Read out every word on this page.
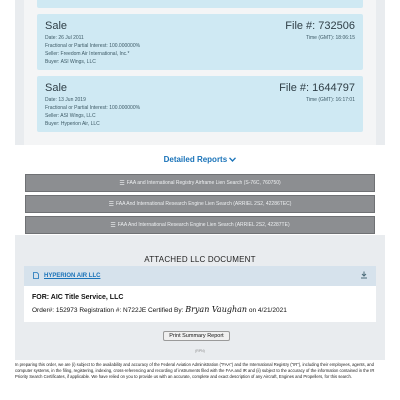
Sale	File #: 732506
Time (GMT): 18:06:15
Date: 26 Jul 2011
Fractional or Partial Interest: 100.000000%
Seller: Freedom Air International, Inc.*
Buyer: ASI Wings, LLC
Sale	File #: 1644797
Time (GMT): 16:17:01
Date: 13 Jun 2019
Fractional or Partial Interest: 100.000000%
Seller: ASI Wings, LLC
Buyer: Hyperion Air, LLC
Detailed Reports
☰ FAA and International Registry Airframe Lien Search (S-76C, 760750)
☰ FAA And International Research Engine Lien Search (ARRIEL 2S2, 42286TEC)
☰ FAA And International Research Engine Lien Search (ARRIEL 2S2, 42287TE)
ATTACHED LLC DOCUMENT
HYPERION AIR LLC
FOR: AIC Title Service, LLC
Order#: 152973 Registration #: N722JE Certified By: Bryan Vaughan on 4/21/2021
Print Summary Report
(RPN)
In preparing this order, we are (i) subject to the availability and accuracy of the Federal Aviation Administration ("FAA") and the International Registry ("IR"), including their employees, agents, and computer systems, in the filing, registering, indexing, cross-referencing and recording of instruments filed with the FAA and IR and (ii) subject to the accuracy of the information contained in the IR Priority Search Certificates, if applicable. We have relied on you to provide us with an accurate, complete and exact description of any Aircraft, Engines and Propellers, for this search.
